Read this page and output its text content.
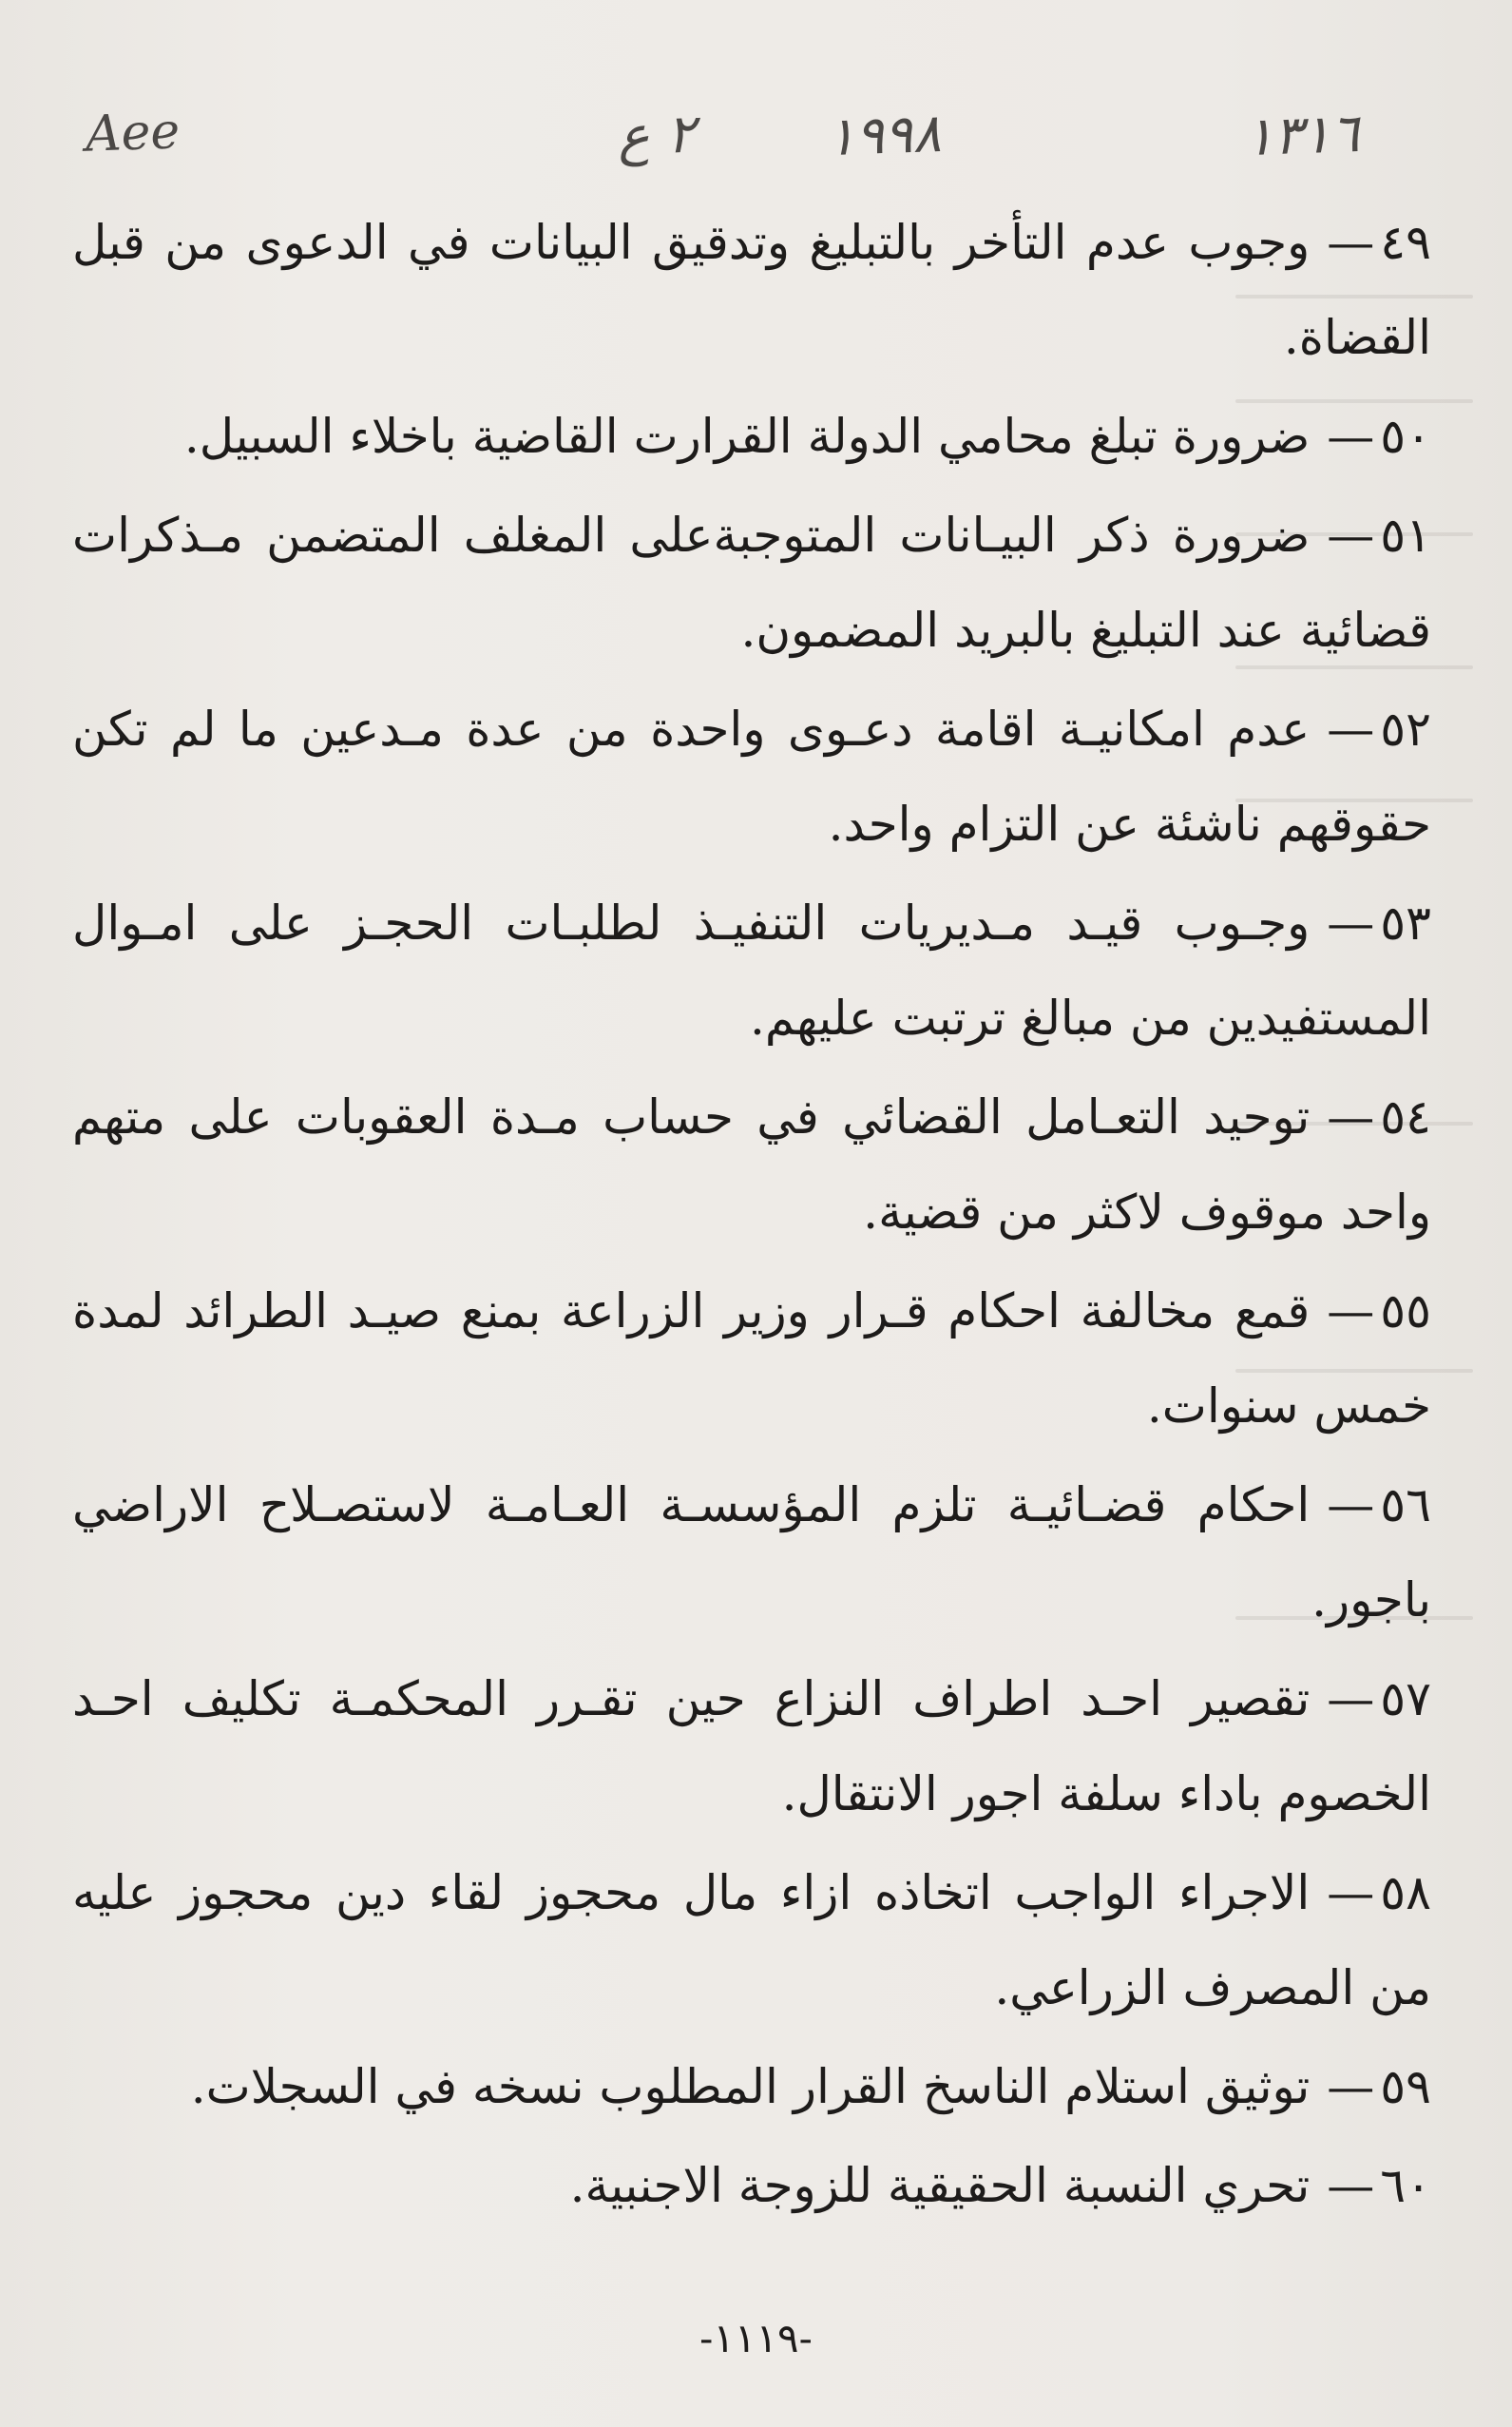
Aee	٢ ع ١٩٩٨	١٣١٦

٤٩—وجوب عدم التأخر بالتبليغ وتدقيق البيانات في الدعوى من قبل القضاة.

٥٠—ضرورة تبلغ محامي الدولة القرارت القاضية باخلاء السبيل.

٥١—ضرورة ذكر البيـانات المتوجبةعلى المغلف المتضمن مـذكرات قضائية عند التبليغ بالبريد المضمون.

٥٢—عدم امكانيـة اقامة دعـوى واحدة من عدة مـدعين ما لم تكن حقوقهم ناشئة عن التزام واحد.

٥٣—وجـوب قيـد مـديريات التنفيـذ لطلبـات الحجـز على امـوال المستفيدين من مبالغ ترتبت عليهم.

٥٤—توحيد التعـامل القضائي في حساب مـدة العقوبات على متهم واحد موقوف لاكثر من قضية.

٥٥—قمع مخالفة احكام قـرار وزير الزراعة بمنع صيـد الطرائد لمدة خمس سنوات.

٥٦—احكام قضـائيـة تلزم المؤسسـة العـامـة لاستصـلاح الاراضي باجور.

٥٧—تقصير احـد اطراف النزاع حين تقـرر المحكمـة تكليف احـد الخصوم باداء سلفة اجور الانتقال.

٥٨—الاجراء الواجب اتخاذه ازاء مال محجوز لقاء دين محجوز عليه من المصرف الزراعي.

٥٩—توثيق استلام الناسخ القرار المطلوب نسخه في السجلات.

٦٠—تحري النسبة الحقيقية للزوجة الاجنبية.

-١١١٩-
